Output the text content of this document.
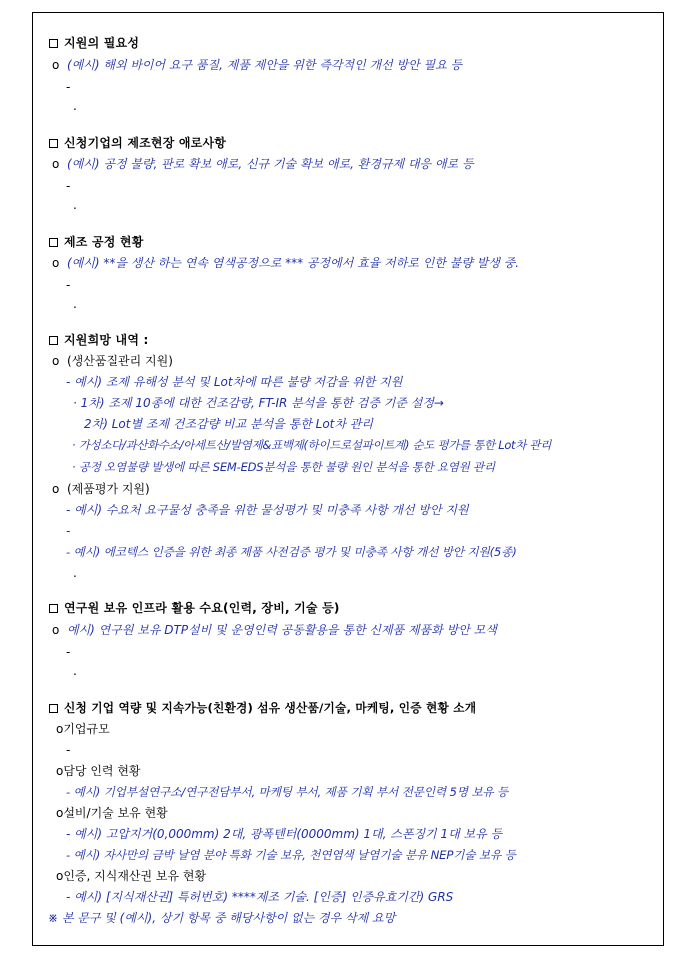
지원의 필요성
ο (예시) 해외 바이어 요구 품질, 제품 제안을 위한 즉각적인 개선 방안 필요 등
-
.
신청기업의 제조현장 애로사항
ο (예시) 공정 불량, 판로 확보 애로, 신규 기술 확보 애로, 환경규제 대응 애로 등
-
.
제조 공정 현황
ο (예시) **을 생산 하는 연속 염색공정으로 *** 공정에서 효율 저하로 인한 불량 발생 중.
-
.
지원희망 내역 :
ο (생산품질관리 지원)
- 예시) 조제 유해성 분석 및 Lot차에 따른 불량 저감을 위한 지원
· 1차) 조제 10종에 대한 건조감량, FT-IR 분석을 통한 검증 기준 설정→
2차) Lot별 조제 건조감량 비교 분석을 통한 Lot차 관리
· 가성소다/과산화수소/아세트산/발염제&표백제(하이드로설파이트계) 순도 평가를 통한 Lot차 관리
· 공정 오염불량 발생에 따른 SEM-EDS분석을 통한 불량 원인 분석을 통한 요염원 관리
ο (제품평가 지원)
- 예시) 수요처 요구물성 충족을 위한 물성평가 및 미충족 사항 개선 방안 지원
-
- 예시) 에코텍스 인증을 위한 최종 제품 사전검증 평가 및 미충족 사항 개선 방안 지원(5종)
.
연구원 보유 인프라 활용 수요(인력, 장비, 기술 등)
ο 예시) 연구원 보유 DTP설비 및 운영인력 공동활용을 통한 신제품 제품화 방안 모색
-
.
신청 기업 역량 및 지속가능(친환경) 섬유 생산품/기술, 마케팅, 인증 현황 소개
ο기업규모
-
ο담당 인력 현황
- 예시) 기업부설연구소/연구전담부서, 마케팅 부서, 제품 기획 부서 전문인력 5명 보유 등
ο설비/기술 보유 현황
- 예시) 고압지거(0,000mm) 2대, 광폭텐터(0000mm) 1대, 스폰징기 1대 보유 등
- 예시) 자사만의 금박 날염 분야 특화 기술 보유, 천연염색 날염기술 분유 NEP기술 보유 등
ο인증, 지식재산권 보유 현황
- 예시) [지식재산권] 특허번호) ****제조 기술. [인증] 인증유효기간) GRS
※ 본 문구 및 (예시), 상기 항목 중 해당사항이 없는 경우 삭제 요망
